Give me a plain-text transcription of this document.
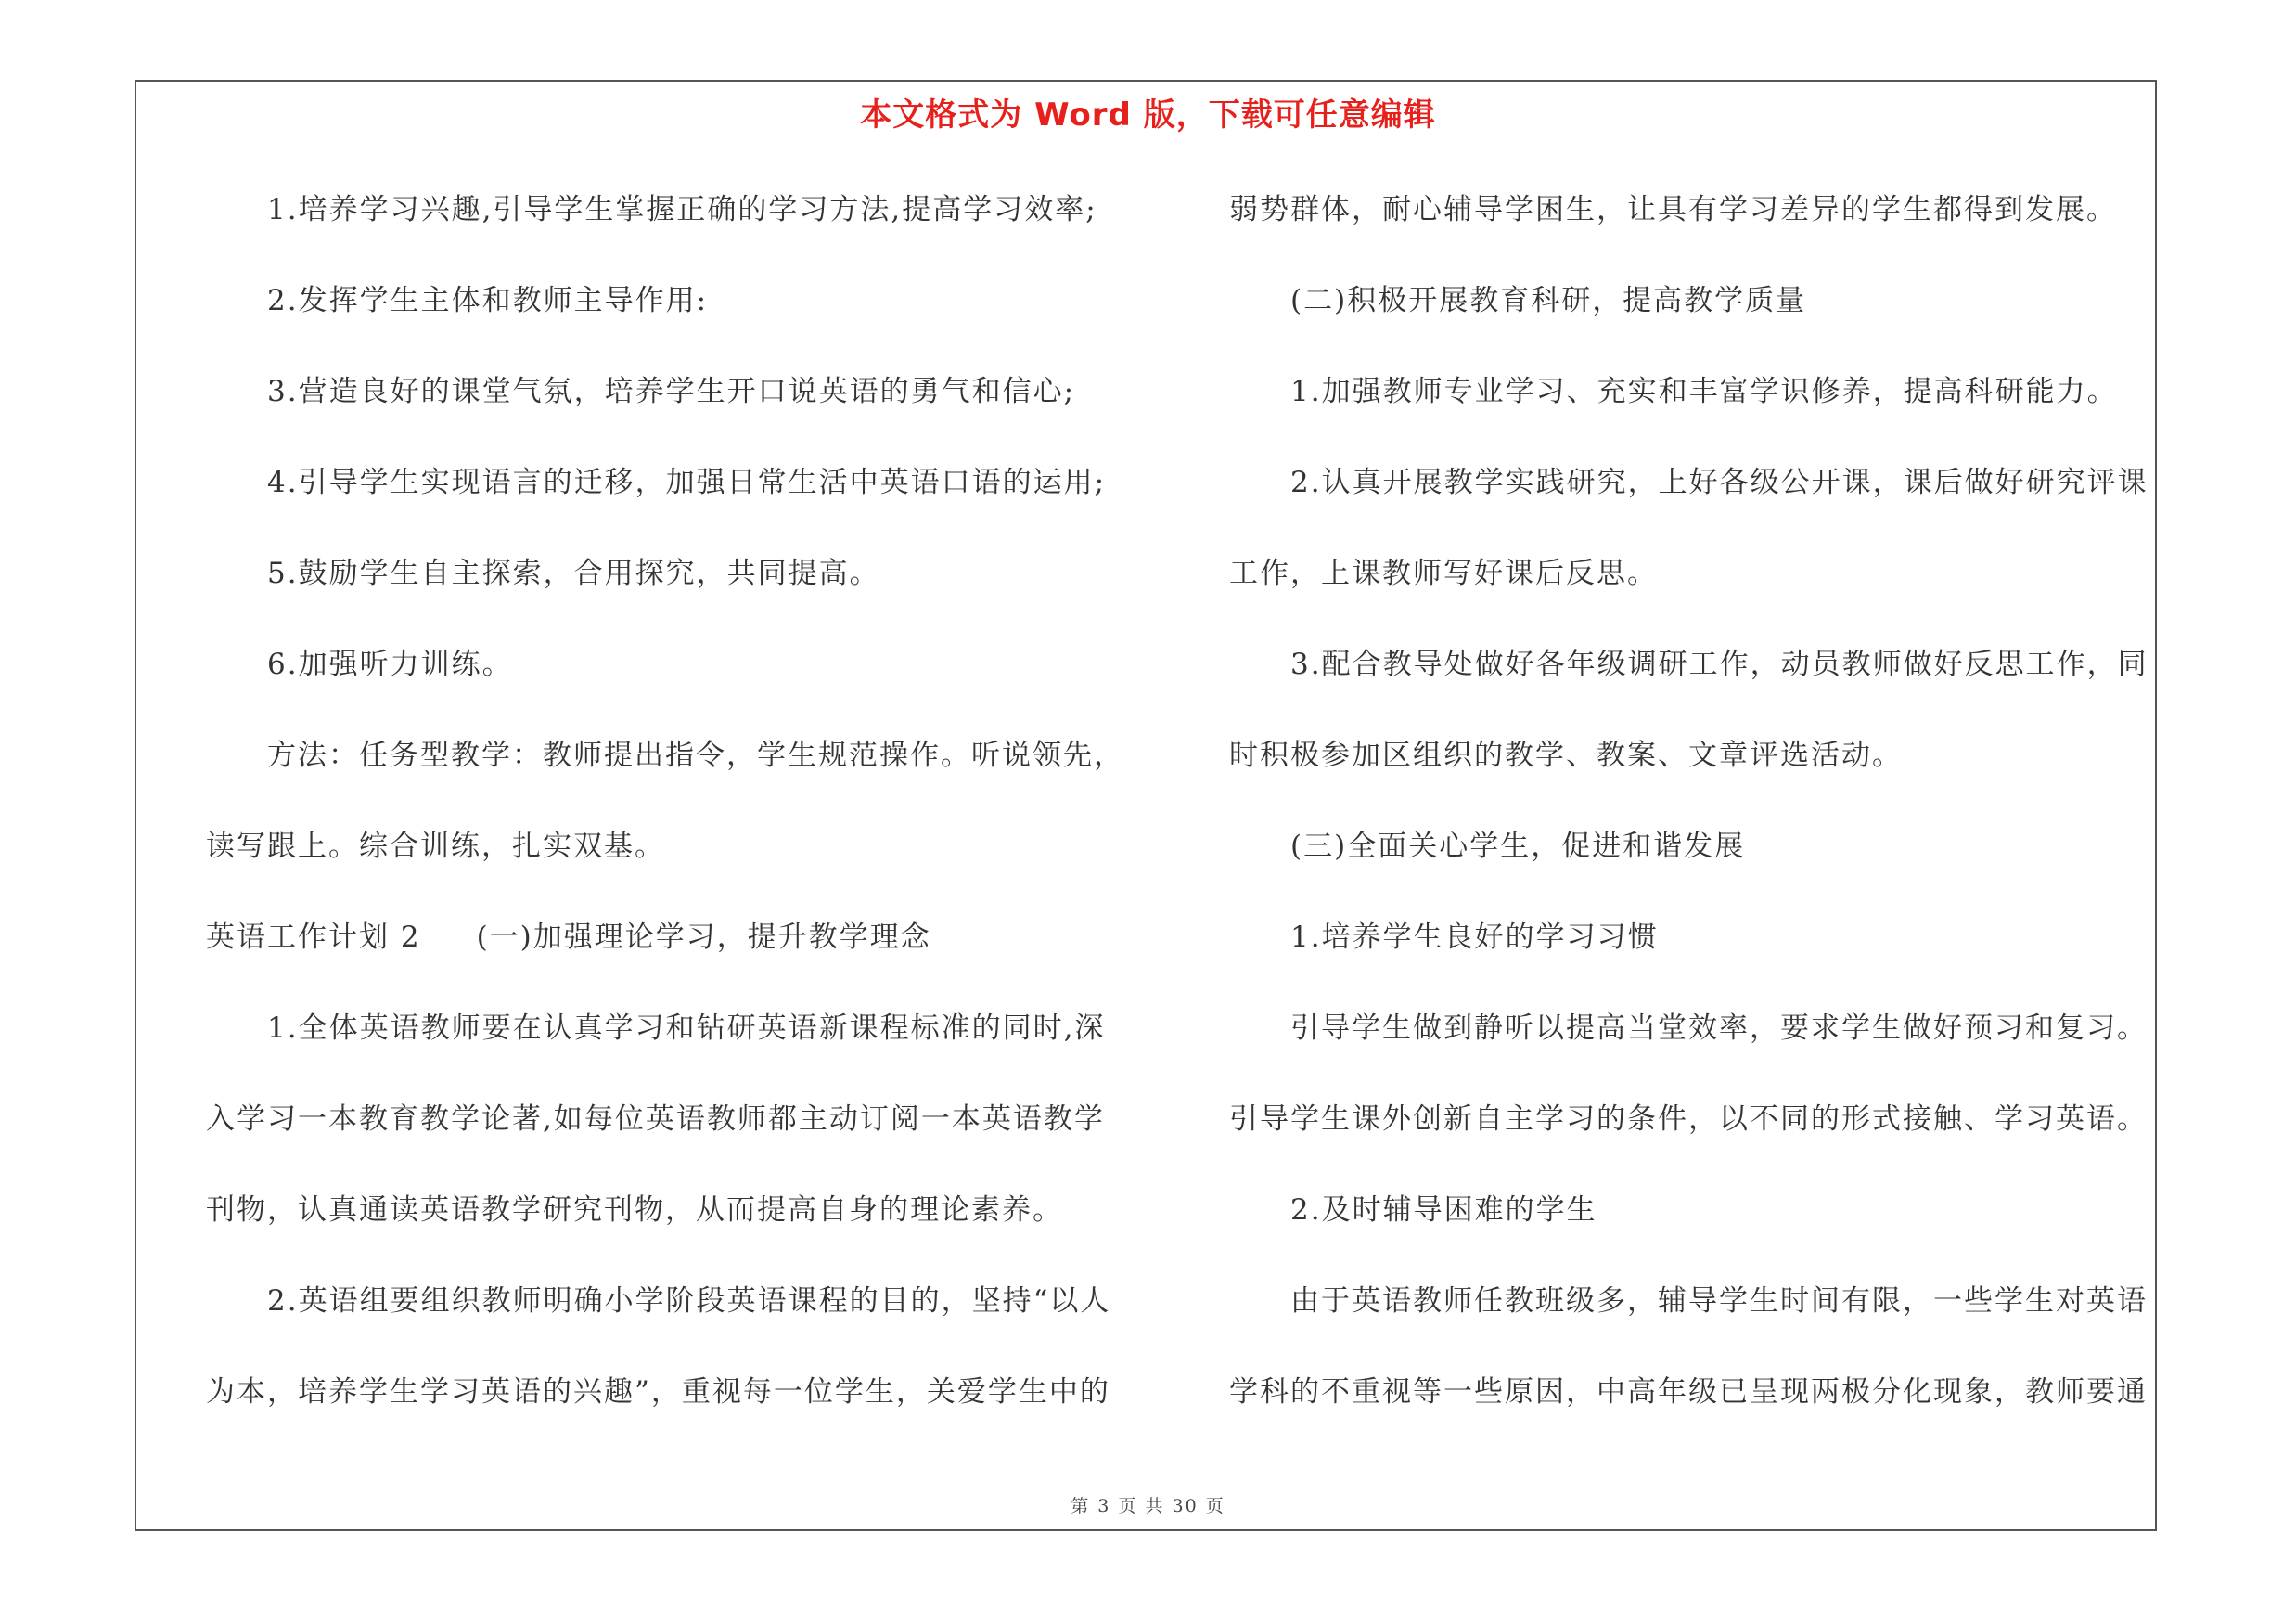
本文格式为 Word 版，下载可任意编辑
1.培养学习兴趣,引导学生掌握正确的学习方法,提高学习效率;
2.发挥学生主体和教师主导作用:
3.营造良好的课堂气氛，培养学生开口说英语的勇气和信心;
4.引导学生实现语言的迁移，加强日常生活中英语口语的运用;
5.鼓励学生自主探索，合用探究，共同提高。
6.加强听力训练。
方法：任务型教学：教师提出指令，学生规范操作。听说领先，
读写跟上。综合训练，扎实双基。
英语工作计划 2 (一)加强理论学习，提升教学理念
1.全体英语教师要在认真学习和钻研英语新课程标准的同时,深
入学习一本教育教学论著,如每位英语教师都主动订阅一本英语教学
刊物，认真通读英语教学研究刊物，从而提高自身的理论素养。
2.英语组要组织教师明确小学阶段英语课程的目的，坚持“以人
为本，培养学生学习英语的兴趣”，重视每一位学生，关爱学生中的
弱势群体，耐心辅导学困生，让具有学习差异的学生都得到发展。
(二)积极开展教育科研，提高教学质量
1.加强教师专业学习、充实和丰富学识修养，提高科研能力。
2.认真开展教学实践研究，上好各级公开课，课后做好研究评课
工作，上课教师写好课后反思。
3.配合教导处做好各年级调研工作，动员教师做好反思工作，同
时积极参加区组织的教学、教案、文章评选活动。
(三)全面关心学生，促进和谐发展
1.培养学生良好的学习习惯
引导学生做到静听以提高当堂效率，要求学生做好预习和复习。
引导学生课外创新自主学习的条件，以不同的形式接触、学习英语。
2.及时辅导困难的学生
由于英语教师任教班级多，辅导学生时间有限，一些学生对英语
学科的不重视等一些原因，中高年级已呈现两极分化现象，教师要通
第 3 页 共 30 页
